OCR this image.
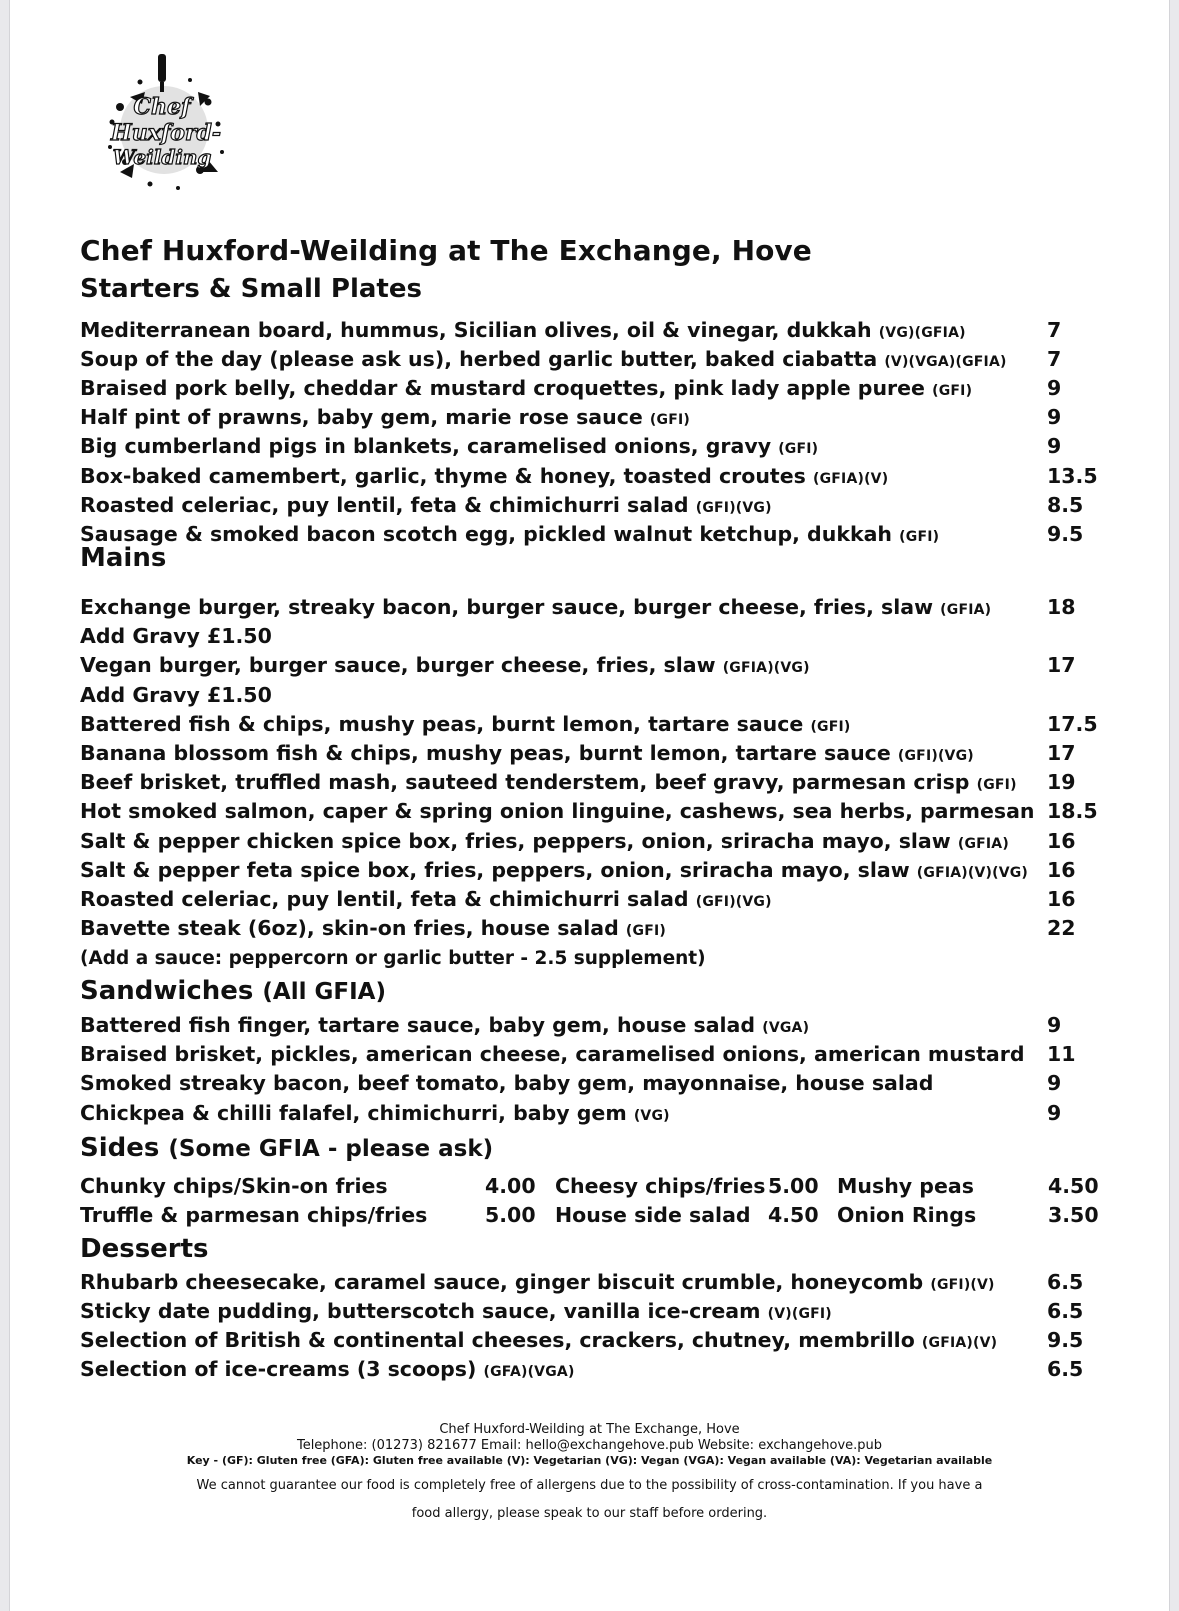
Chef
Huxford-
Weilding
Chef Huxford-Weilding at The Exchange, Hove
Starters & Small Plates
Mediterranean board, hummus, Sicilian olives, oil & vinegar, dukkah (VG)(GFIA)	7
Soup of the day (please ask us), herbed garlic butter, baked ciabatta (V)(VGA)(GFIA) 7
Braised pork belly, cheddar & mustard croquettes, pink lady apple puree (GFI)	9
Half pint of prawns, baby gem, marie rose sauce (GFI)	9
Big cumberland pigs in blankets, caramelised onions, gravy (GFI)	9
Box-baked camembert, garlic, thyme & honey, toasted croutes (GFIA)(V)	13.5
Roasted celeriac, puy lentil, feta & chimichurri salad (GFI)(VG)	8.5
Sausage & smoked bacon scotch egg, pickled walnut ketchup, dukkah (GFI)	9.5
Mains
Exchange burger, streaky bacon, burger sauce, burger cheese, fries, slaw (GFIA)	18
Add Gravy £1.50
Vegan burger, burger sauce, burger cheese, fries, slaw (GFIA)(VG)	17
Add Gravy £1.50
Battered fish & chips, mushy peas, burnt lemon, tartare sauce (GFI)	17.5
Banana blossom fish & chips, mushy peas, burnt lemon, tartare sauce (GFI)(VG)	17
Beef brisket, truffled mash, sauteed tenderstem, beef gravy, parmesan crisp (GFI) 19
Hot smoked salmon, caper & spring onion linguine, cashews, sea herbs, parmesan 18.5
Salt & pepper chicken spice box, fries, peppers, onion, sriracha mayo, slaw (GFIA) 16
Salt & pepper feta spice box, fries, peppers, onion, sriracha mayo, slaw (GFIA)(V)(VG) 16
Roasted celeriac, puy lentil, feta & chimichurri salad (GFI)(VG)	16
Bavette steak (6oz), skin-on fries, house salad (GFI)	22
(Add a sauce: peppercorn or garlic butter - 2.5 supplement)
Sandwiches (All GFIA)
Battered fish finger, tartare sauce, baby gem, house salad (VGA)	9
Braised brisket, pickles, american cheese, caramelised onions, american mustard 11
Smoked streaky bacon, beef tomato, baby gem, mayonnaise, house salad	9
Chickpea & chilli falafel, chimichurri, baby gem (VG)	9
Sides (Some GFIA - please ask)
Chunky chips/Skin-on fries	4.00 Cheesy chips/fries 5.00 Mushy peas	4.50
Truffle & parmesan chips/fries	5.00 House side salad 4.50 Onion Rings	3.50
Desserts
Rhubarb cheesecake, caramel sauce, ginger biscuit crumble, honeycomb (GFI)(V)	6.5
Sticky date pudding, butterscotch sauce, vanilla ice-cream (V)(GFI)	6.5
Selection of British & continental cheeses, crackers, chutney, membrillo (GFIA)(V) 9.5
Selection of ice-creams (3 scoops) (GFA)(VGA)	6.5
Chef Huxford-Weilding at The Exchange, Hove
Telephone: (01273) 821677 Email: hello@exchangehove.pub Website: exchangehove.pub
Key - (GF): Gluten free (GFA): Gluten free available (V): Vegetarian (VG): Vegan (VGA): Vegan available (VA): Vegetarian available
We cannot guarantee our food is completely free of allergens due to the possibility of cross-contamination. If you have a
food allergy, please speak to our staff before ordering.
